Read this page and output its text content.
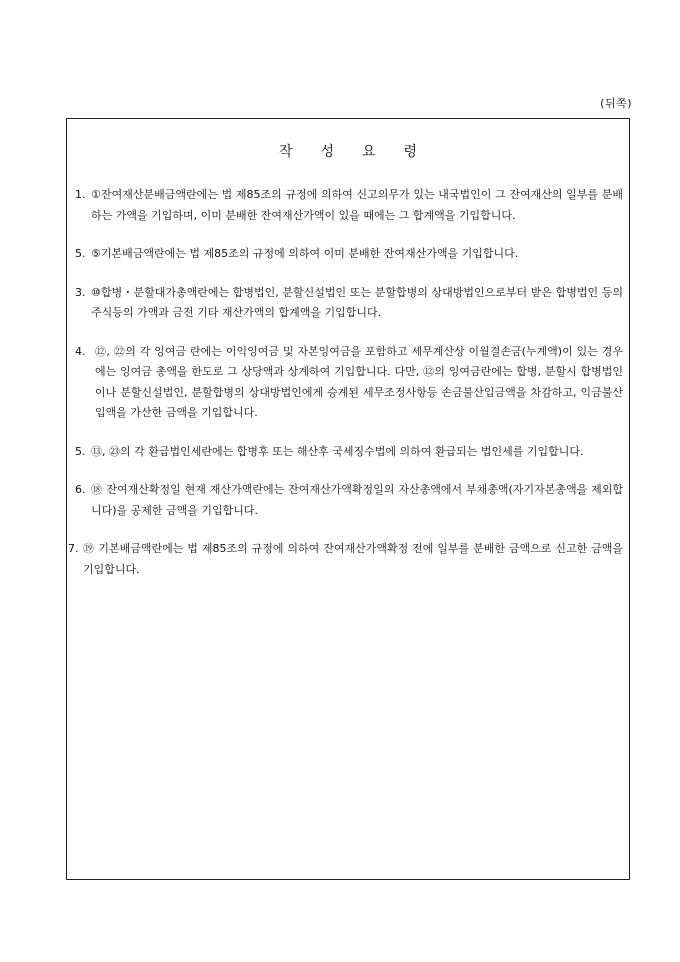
(뒤쪽)
작성요령
1. ①잔여재산분배금액란에는 법 제85조의 규정에 의하여 신고의무가 있는 내국법인이 그 잔여재산의 일부를 분배하는 가액을 기입하며, 이미 분배한 잔여재산가액이 있을 때에는 그 합계액을 기입합니다.
5. ⑤기본배금액란에는 법 제85조의 규정에 의하여 이미 분배한 잔여재산가액을 기입합니다.
3. ⑩합병・분할대가총액란에는 합병법인, 분할신설법인 또는 분할합병의 상대방법인으로부터 받은 합병법인 등의 주식등의 가액과 금전 기타 재산가액의 합계액을 기입합니다.
4. ⑫, ㉒의 각 잉여금 란에는 이익잉여금 및 자본잉여금을 포함하고 세무계산상 이월결손금(누계액)이 있는 경우에는 잉여금 총액을 한도로 그 상당액과 상계하여 기입합니다. 다만, ⑫의 잉여금란에는 합병, 분할시 합병법인이나 분할신설법인, 분할합병의 상대방법인에게 승계된 세무조정사항등 손금불산입금액을 차감하고, 익금불산입액을 가산한 금액을 기입합니다.
5. ⑬, ㉓의 각 환급법인세란에는 합병후 또는 해산후 국세징수법에 의하여 환급되는 법인세를 기입합니다.
6. ⑱ 잔여재산확정일 현재 재산가액란에는 잔여재산가액확정일의 자산총액에서 부채총액(자기자본총액을 제외합니다)을 공제한 금액을 기입합니다.
7. ⑲ 기본배금액란에는 법 제85조의 규정에 의하여 잔여재산가액확정 전에 일부를 분배한 금액으로 신고한 금액을 기입합니다.
